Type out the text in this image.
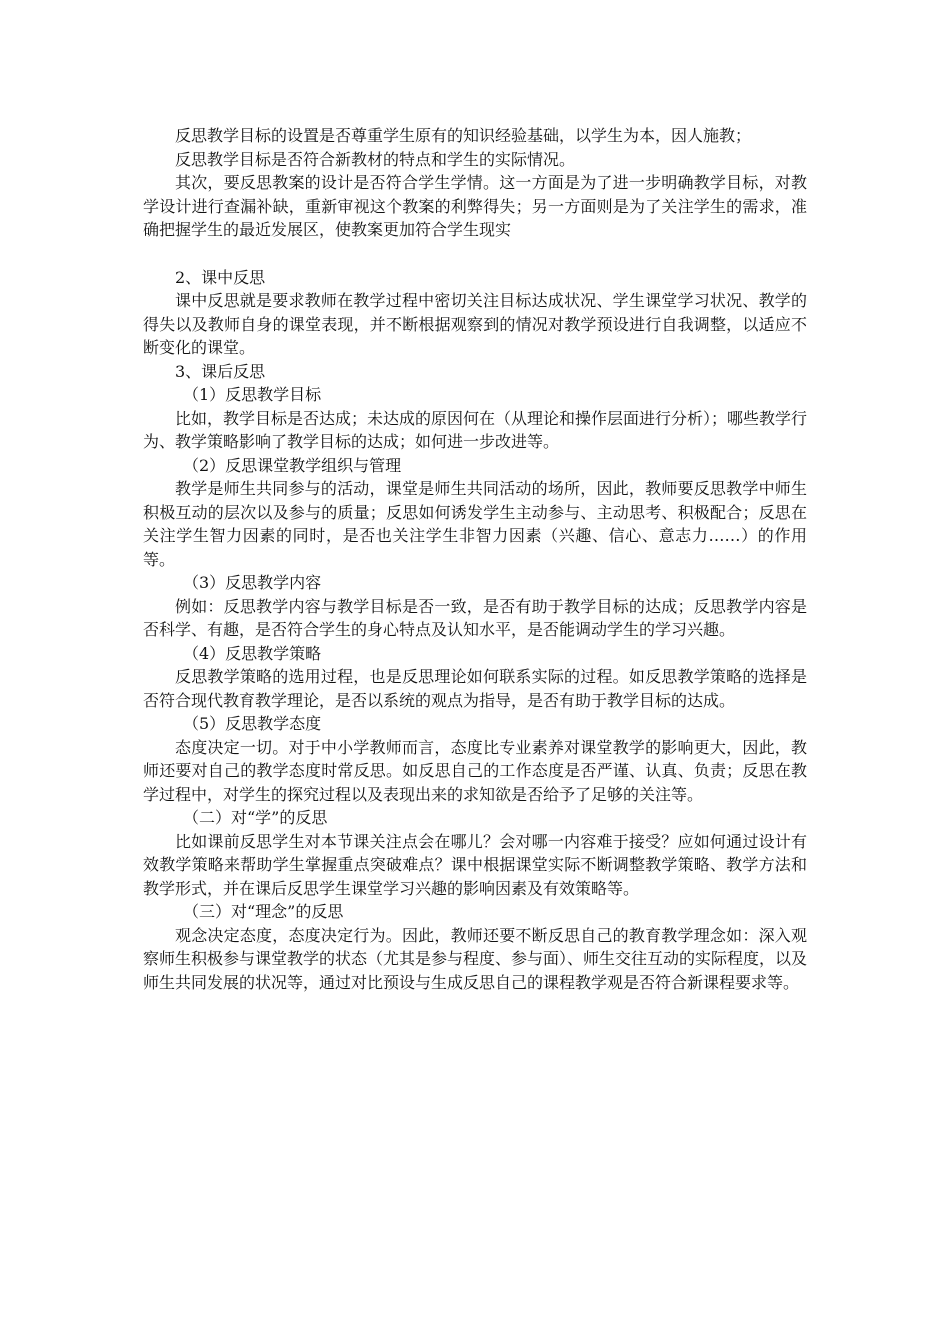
反思教学目标的设置是否尊重学生原有的知识经验基础，以学生为本，因人施教；

反思教学目标是否符合新教材的特点和学生的实际情况。

其次，要反思教案的设计是否符合学生学情。这一方面是为了进一步明确教学目标，对教学设计进行查漏补缺，重新审视这个教案的利弊得失；另一方面则是为了关注学生的需求，准确把握学生的最近发展区，使教案更加符合学生现实

2、课中反思

课中反思就是要求教师在教学过程中密切关注目标达成状况、学生课堂学习状况、教学的得失以及教师自身的课堂表现，并不断根据观察到的情况对教学预设进行自我调整，以适应不断变化的课堂。

3、课后反思

（1）反思教学目标

比如，教学目标是否达成；未达成的原因何在（从理论和操作层面进行分析）；哪些教学行为、教学策略影响了教学目标的达成；如何进一步改进等。

（2）反思课堂教学组织与管理

教学是师生共同参与的活动，课堂是师生共同活动的场所，因此，教师要反思教学中师生积极互动的层次以及参与的质量；反思如何诱发学生主动参与、主动思考、积极配合；反思在关注学生智力因素的同时，是否也关注学生非智力因素（兴趣、信心、意志力……）的作用等。

（3）反思教学内容

例如：反思教学内容与教学目标是否一致，是否有助于教学目标的达成；反思教学内容是否科学、有趣，是否符合学生的身心特点及认知水平，是否能调动学生的学习兴趣。

（4）反思教学策略

反思教学策略的选用过程，也是反思理论如何联系实际的过程。如反思教学策略的选择是否符合现代教育教学理论，是否以系统的观点为指导，是否有助于教学目标的达成。

（5）反思教学态度

态度决定一切。对于中小学教师而言，态度比专业素养对课堂教学的影响更大，因此，教师还要对自己的教学态度时常反思。如反思自己的工作态度是否严谨、认真、负责；反思在教学过程中，对学生的探究过程以及表现出来的求知欲是否给予了足够的关注等。

（二）对“学”的反思

比如课前反思学生对本节课关注点会在哪儿？会对哪一内容难于接受？应如何通过设计有效教学策略来帮助学生掌握重点突破难点？课中根据课堂实际不断调整教学策略、教学方法和教学形式，并在课后反思学生课堂学习兴趣的影响因素及有效策略等。

（三）对“理念”的反思

观念决定态度，态度决定行为。因此，教师还要不断反思自己的教育教学理念如：深入观察师生积极参与课堂教学的状态（尤其是参与程度、参与面）、师生交往互动的实际程度，以及师生共同发展的状况等，通过对比预设与生成反思自己的课程教学观是否符合新课程要求等。
